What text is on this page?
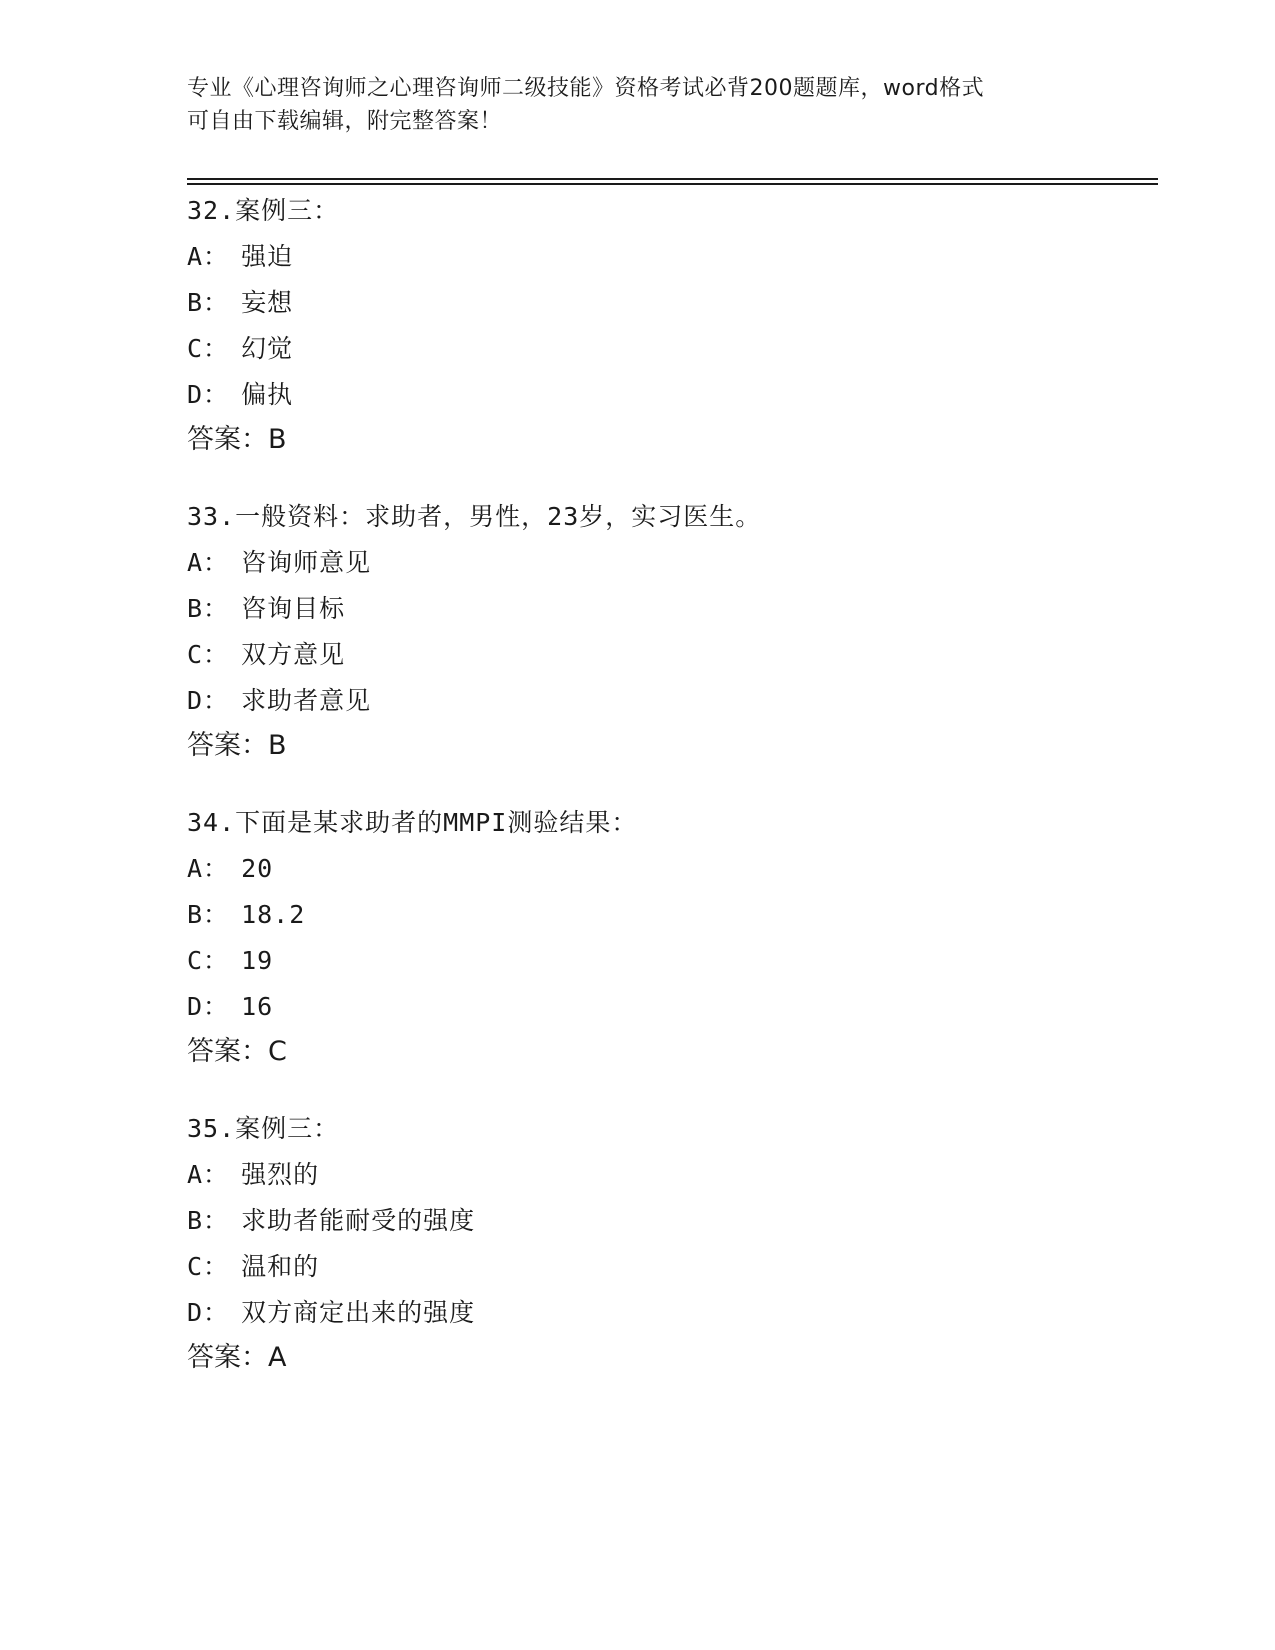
专业《心理咨询师之心理咨询师二级技能》资格考试必背200题题库，word格式
可自由下载编辑，附完整答案！
32.案例三：
A： 强迫
B： 妄想
C： 幻觉
D： 偏执
答案：B
33.一般资料：求助者，男性，23岁，实习医生。
A： 咨询师意见
B： 咨询目标
C： 双方意见
D： 求助者意见
答案：B
34.下面是某求助者的MMPI测验结果：
A： 20
B： 18.2
C： 19
D： 16
答案：C
35.案例三：
A： 强烈的
B： 求助者能耐受的强度
C： 温和的
D： 双方商定出来的强度
答案：A
